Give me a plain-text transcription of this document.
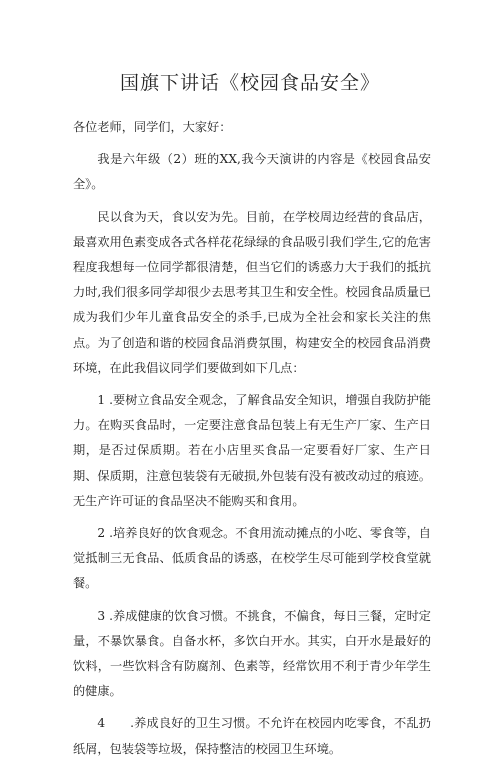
国旗下讲话《校园食品安全》

各位老师，同学们，大家好：

我是六年级（2）班的XX,我今天演讲的内容是《校园食品安全》。

民以食为天，食以安为先。目前，在学校周边经营的食品店，最喜欢用色素变成各式各样花花绿绿的食品吸引我们学生,它的危害程度我想每一位同学都很清楚，但当它们的诱惑力大于我们的抵抗力时,我们很多同学却很少去思考其卫生和安全性。校园食品质量已成为我们少年儿童食品安全的杀手,已成为全社会和家长关注的焦点。为了创造和谐的校园食品消费氛围，构建安全的校园食品消费环境，在此我倡议同学们要做到如下几点：

1 .要树立食品安全观念，了解食品安全知识，增强自我防护能力。在购买食品时，一定要注意食品包装上有无生产厂家、生产日期，是否过保质期。若在小店里买食品一定要看好厂家、生产日期、保质期，注意包装袋有无破损,外包装有没有被改动过的痕迹。无生产许可证的食品坚决不能购买和食用。

2 .培养良好的饮食观念。不食用流动摊点的小吃、零食等，自觉抵制三无食品、低质食品的诱惑，在校学生尽可能到学校食堂就餐。

3 .养成健康的饮食习惯。不挑食，不偏食，每日三餐，定时定量，不暴饮暴食。自备水杯，多饮白开水。其实，白开水是最好的饮料，一些饮料含有防腐剂、色素等，经常饮用不利于青少年学生的健康。

4　　.养成良好的卫生习惯。不允许在校园内吃零食，不乱扔纸屑，包装袋等垃圾，保持整洁的校园卫生环境。
